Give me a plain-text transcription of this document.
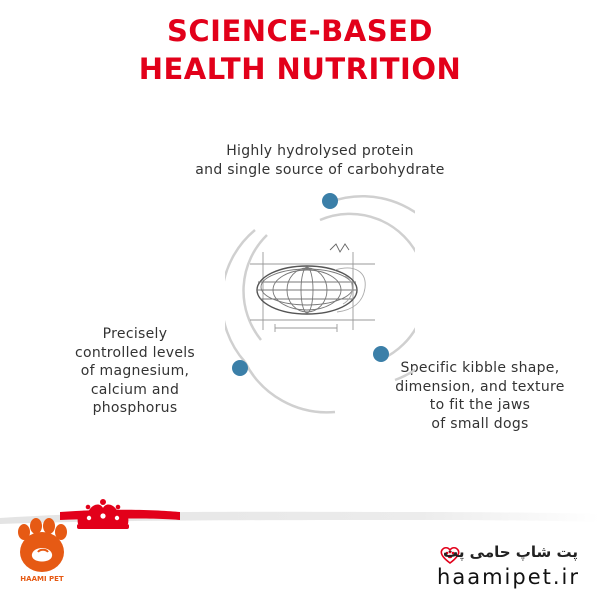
SCIENCE-BASED
HEALTH NUTRITION
Highly hydrolysed protein
and single source of carbohydrate
Precisely
controlled levels
of magnesium,
calcium and
phosphorus
Specific kibble shape,
dimension, and texture
to fit the jaws
of small dogs
HAAMI PET
پت شاپ حامی پت
haamipet.ir
